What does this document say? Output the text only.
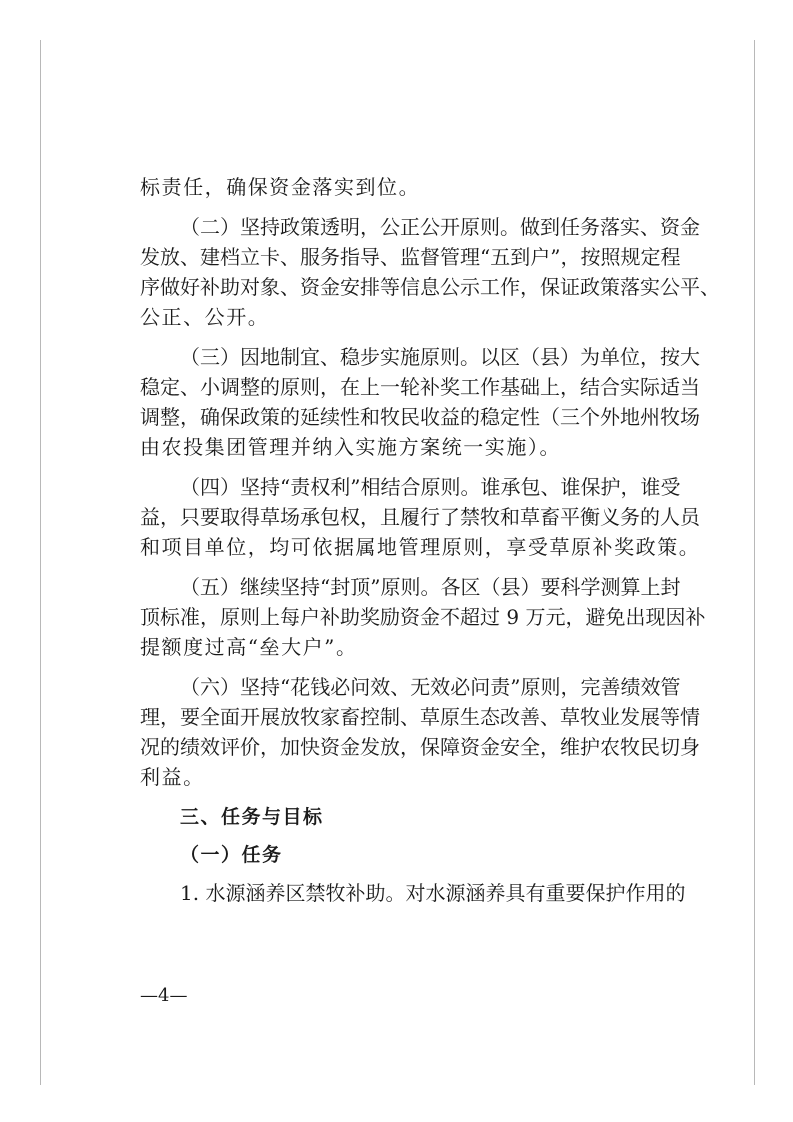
标责任，确保资金落实到位。
（二）坚持政策透明，公正公开原则。做到任务落实、资金
发放、建档立卡、服务指导、监督管理“五到户”，按照规定程
序做好补助对象、资金安排等信息公示工作，保证政策落实公平、
公正、公开。
（三）因地制宜、稳步实施原则。以区（县）为单位，按大
稳定、小调整的原则，在上一轮补奖工作基础上，结合实际适当
调整，确保政策的延续性和牧民收益的稳定性（三个外地州牧场
由农投集团管理并纳入实施方案统一实施）。
（四）坚持“责权利”相结合原则。谁承包、谁保护，谁受
益，只要取得草场承包权，且履行了禁牧和草畜平衡义务的人员
和项目单位，均可依据属地管理原则，享受草原补奖政策。
（五）继续坚持“封顶”原则。各区（县）要科学测算上封
顶标准，原则上每户补助奖励资金不超过 9 万元，避免出现因补
提额度过高“垒大户”。
（六）坚持“花钱必问效、无效必问责”原则，完善绩效管
理，要全面开展放牧家畜控制、草原生态改善、草牧业发展等情
况的绩效评价，加快资金发放，保障资金安全，维护农牧民切身
利益。
三、任务与目标
（一）任务
1. 水源涵养区禁牧补助。对水源涵养具有重要保护作用的
—4—
